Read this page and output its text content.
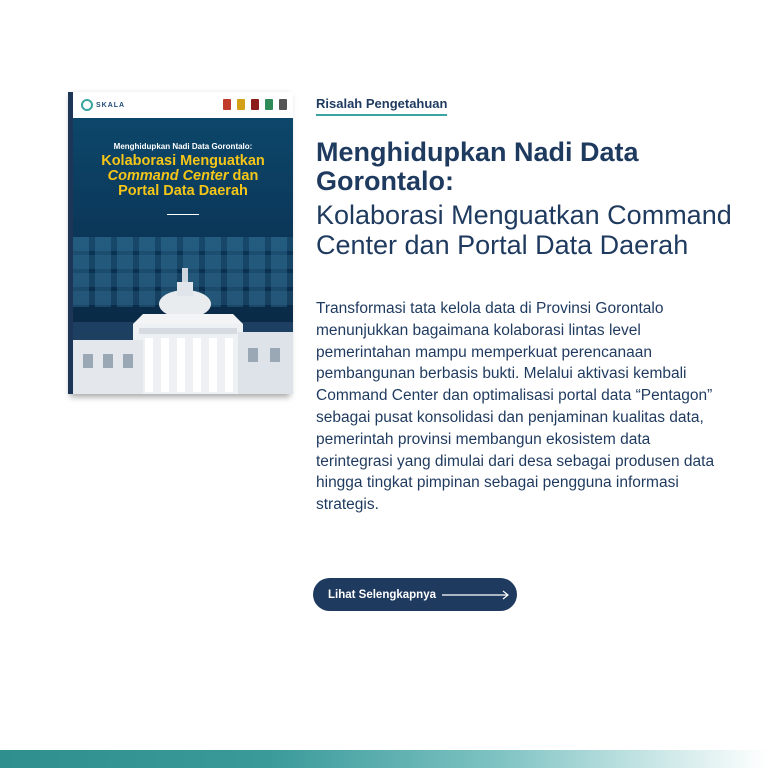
SKALA
Menghidupkan Nadi Data Gorontalo:
Kolaborasi Menguatkan
Command Center dan
Portal Data Daerah
Risalah Pengetahuan
Menghidupkan Nadi Data Gorontalo:
Kolaborasi Menguatkan Command Center dan Portal Data Daerah
Transformasi tata kelola data di Provinsi Gorontalo menunjukkan bagaimana kolaborasi lintas level pemerintahan mampu memperkuat perencanaan pembangunan berbasis bukti. Melalui aktivasi kembali Command Center dan optimalisasi portal data “Pentagon” sebagai pusat konsolidasi dan penjaminan kualitas data, pemerintah provinsi membangun ekosistem data terintegrasi yang dimulai dari desa sebagai produsen data hingga tingkat pimpinan sebagai pengguna informasi strategis.
Lihat Selengkapnya
